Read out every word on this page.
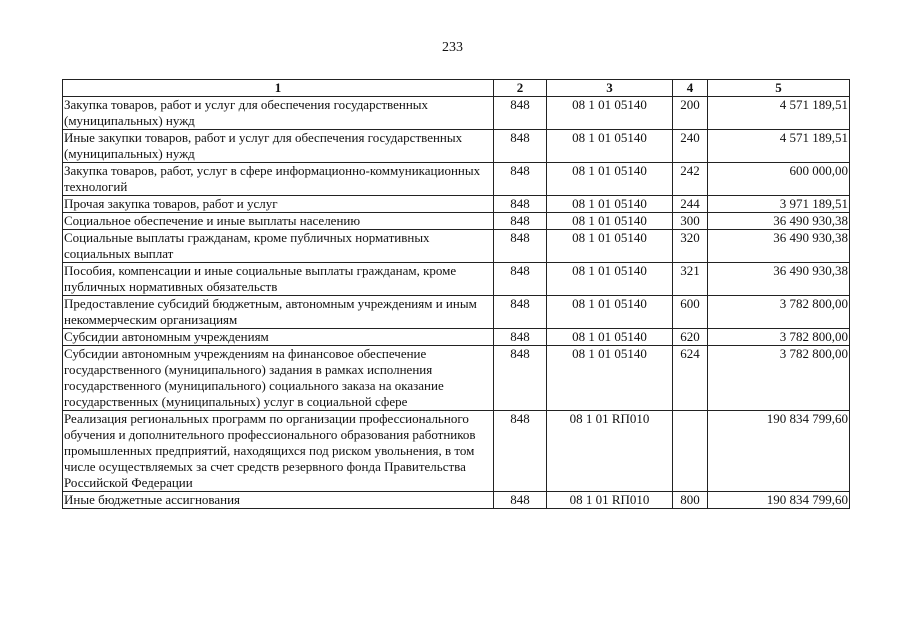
233
1	2	3	4	5
Закупка товаров, работ и услуг для обеспечения государственных (муниципальных) нужд	848	08 1 01 05140	200	4 571 189,51
Иные закупки товаров, работ и услуг для обеспечения государственных (муниципальных) нужд	848	08 1 01 05140	240	4 571 189,51
Закупка товаров, работ, услуг в сфере информационно-коммуникационных технологий	848	08 1 01 05140	242	600 000,00
Прочая закупка товаров, работ и услуг	848	08 1 01 05140	244	3 971 189,51
Социальное обеспечение и иные выплаты населению	848	08 1 01 05140	300	36 490 930,38
Социальные выплаты гражданам, кроме публичных нормативных социальных выплат	848	08 1 01 05140	320	36 490 930,38
Пособия, компенсации и иные социальные выплаты гражданам, кроме публичных нормативных обязательств	848	08 1 01 05140	321	36 490 930,38
Предоставление субсидий бюджетным, автономным учреждениям и иным некоммерческим организациям	848	08 1 01 05140	600	3 782 800,00
Субсидии автономным учреждениям	848	08 1 01 05140	620	3 782 800,00
Субсидии автономным учреждениям на финансовое обеспечение государственного (муниципального) задания в рамках исполнения государственного (муниципального) социального заказа на оказание государственных (муниципальных) услуг в социальной сфере	848	08 1 01 05140	624	3 782 800,00
Реализация региональных программ по организации профессионального обучения и дополнительного профессионального образования работников промышленных предприятий, находящихся под риском увольнения, в том числе осуществляемых за счет средств резервного фонда Правительства Российской Федерации	848	08 1 01 RП010		190 834 799,60
Иные бюджетные ассигнования	848	08 1 01 RП010	800	190 834 799,60
